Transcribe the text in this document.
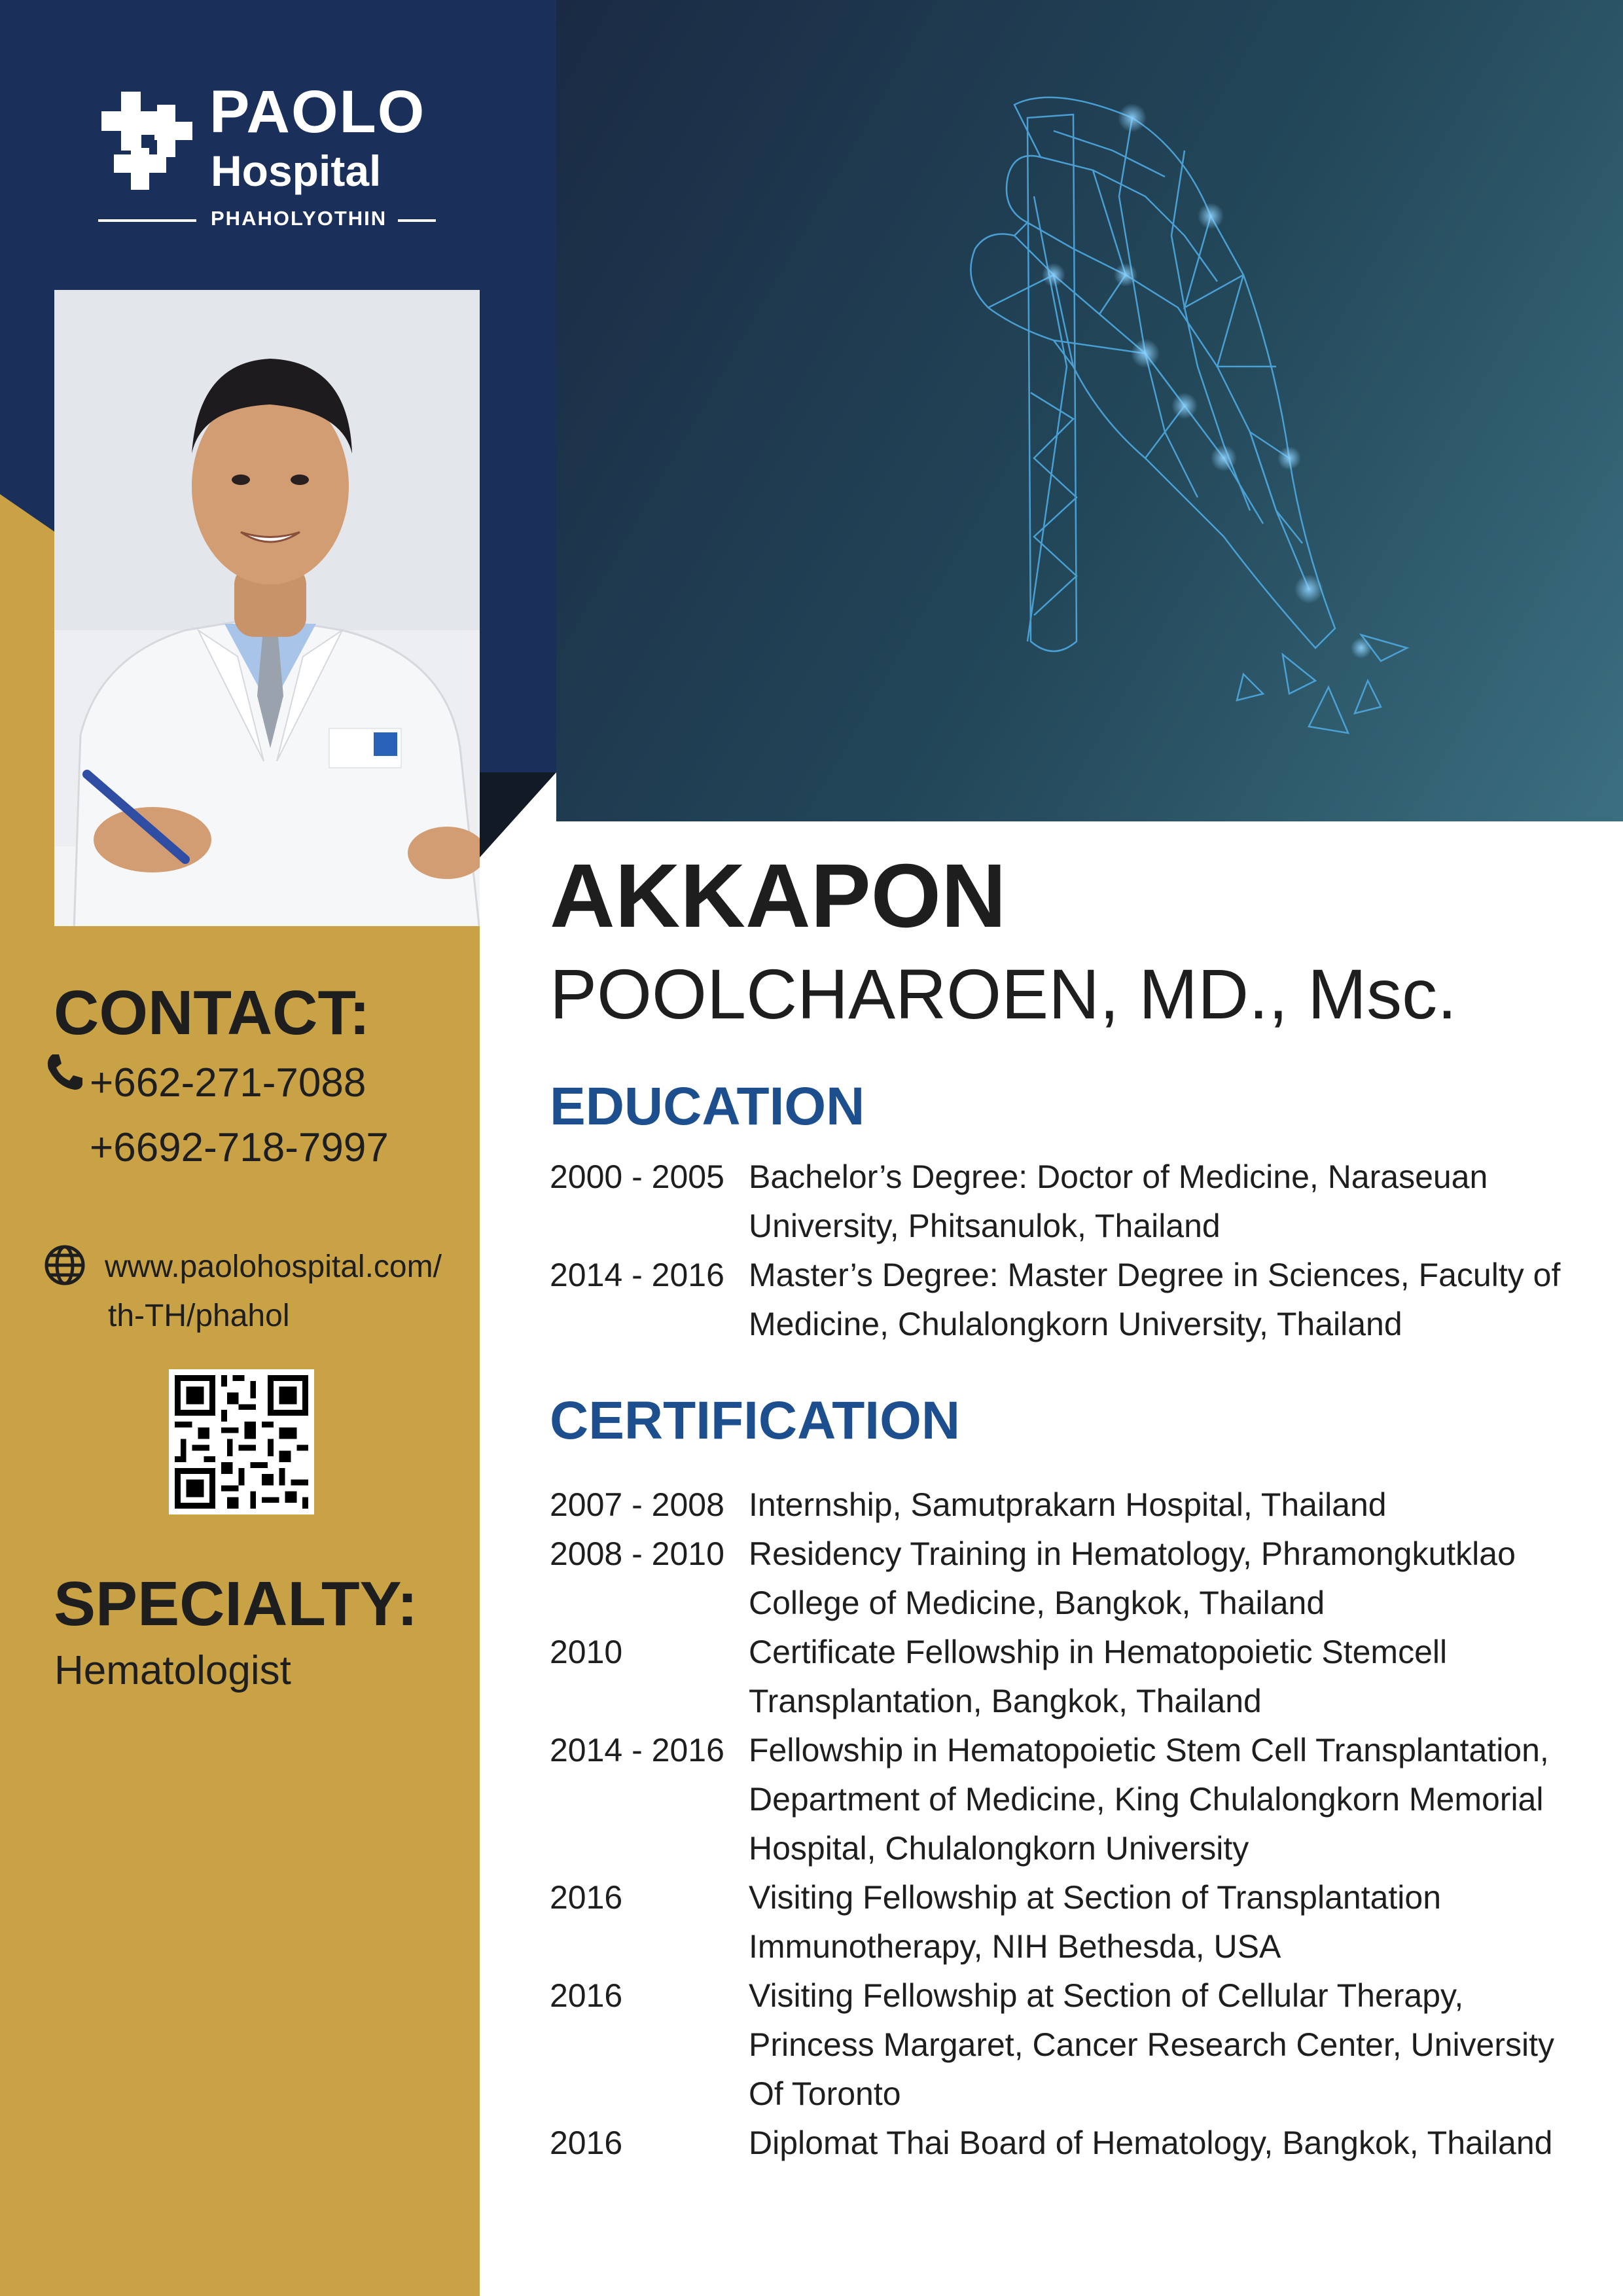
PAOLO
Hospital
PHAHOLYOTHIN
CONTACT:
+662-271-7088
+6692-718-7997
www.paolohospital.com/
th-TH/phahol
SPECIALTY:
Hematologist
AKKAPON
POOLCHAROEN, MD., Msc.
EDUCATION
2000 - 2005 Bachelor’s Degree: Doctor of Medicine, Naraseuan
University, Phitsanulok, Thailand
2014 - 2016 Master’s Degree: Master Degree in Sciences, Faculty of
Medicine, Chulalongkorn University, Thailand
CERTIFICATION
2007 - 2008 Internship, Samutprakarn Hospital, Thailand
2008 - 2010 Residency Training in Hematology, Phramongkutklao
College of Medicine, Bangkok, Thailand
2010	Certificate Fellowship in Hematopoietic Stemcell
Transplantation, Bangkok, Thailand
2014 - 2016 Fellowship in Hematopoietic Stem Cell Transplantation,
Department of Medicine, King Chulalongkorn Memorial
Hospital, Chulalongkorn University
2016	Visiting Fellowship at Section of Transplantation
Immunotherapy, NIH Bethesda, USA
2016	Visiting Fellowship at Section of Cellular Therapy,
Princess Margaret, Cancer Research Center, University
Of Toronto
2016	Diplomat Thai Board of Hematology, Bangkok, Thailand
